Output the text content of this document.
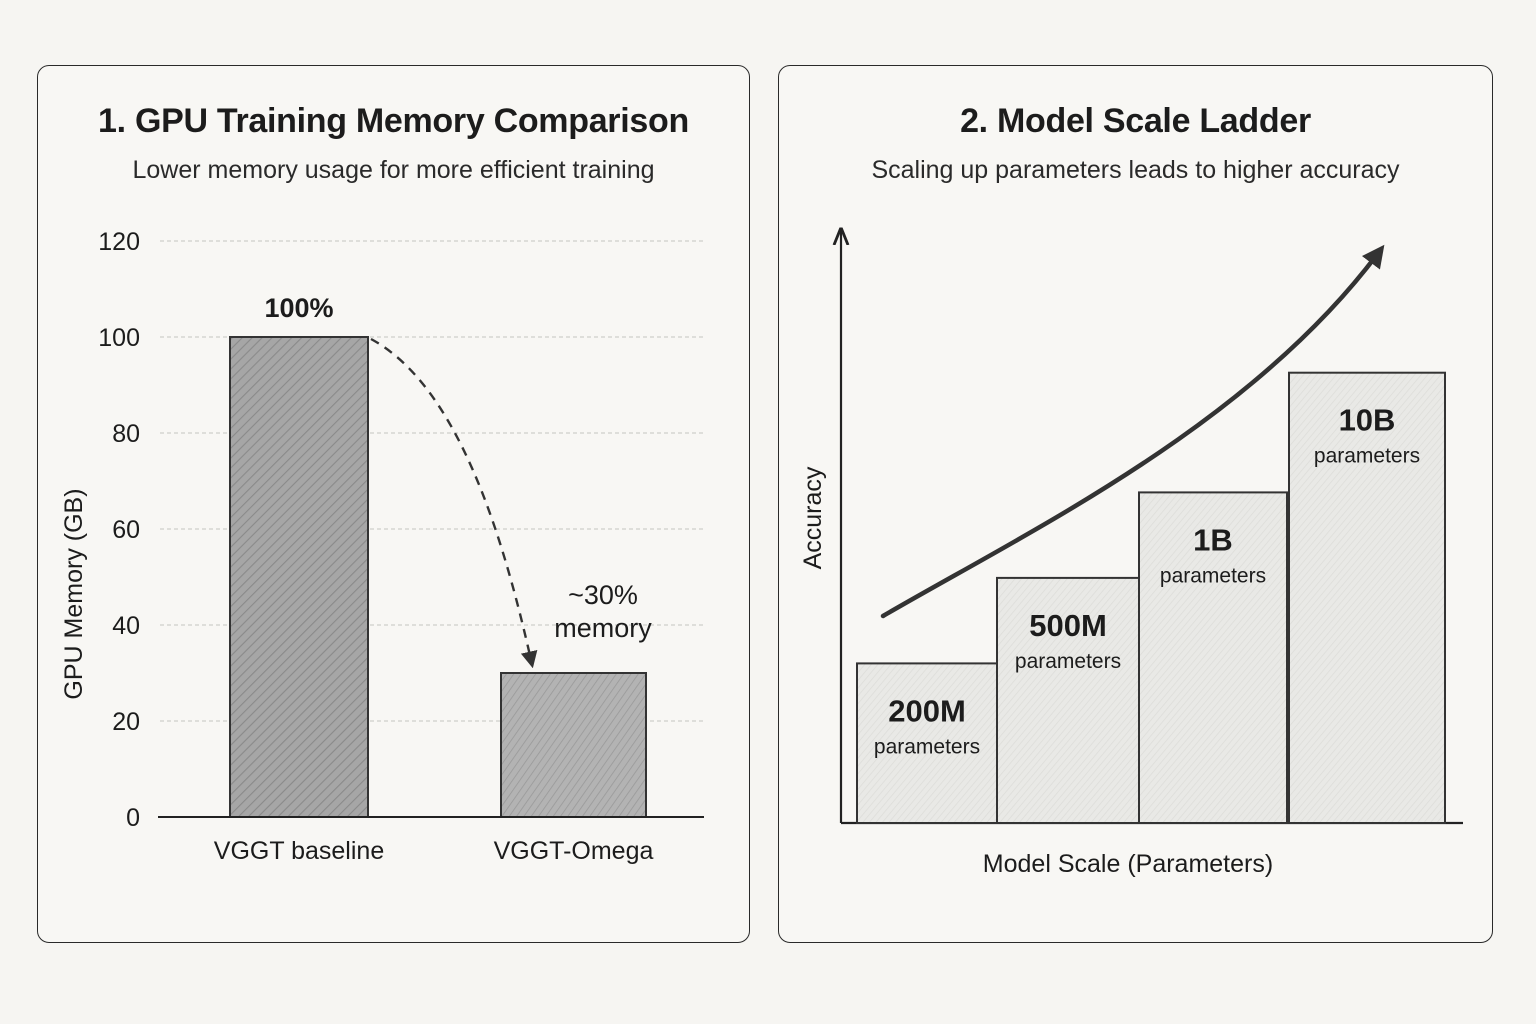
1. GPU Training Memory Comparison
Lower memory usage for more efficient training
0
20
40
60
80
100
120
GPU Memory (GB)
VGGT baseline	VGGT-Omega
100%
~30%
memory
2. Model Scale Ladder
Scaling up parameters leads to higher accuracy
Accuracy
200M
parameters
500M
parameters
1B
parameters
10B
parameters
Model Scale (Parameters)
